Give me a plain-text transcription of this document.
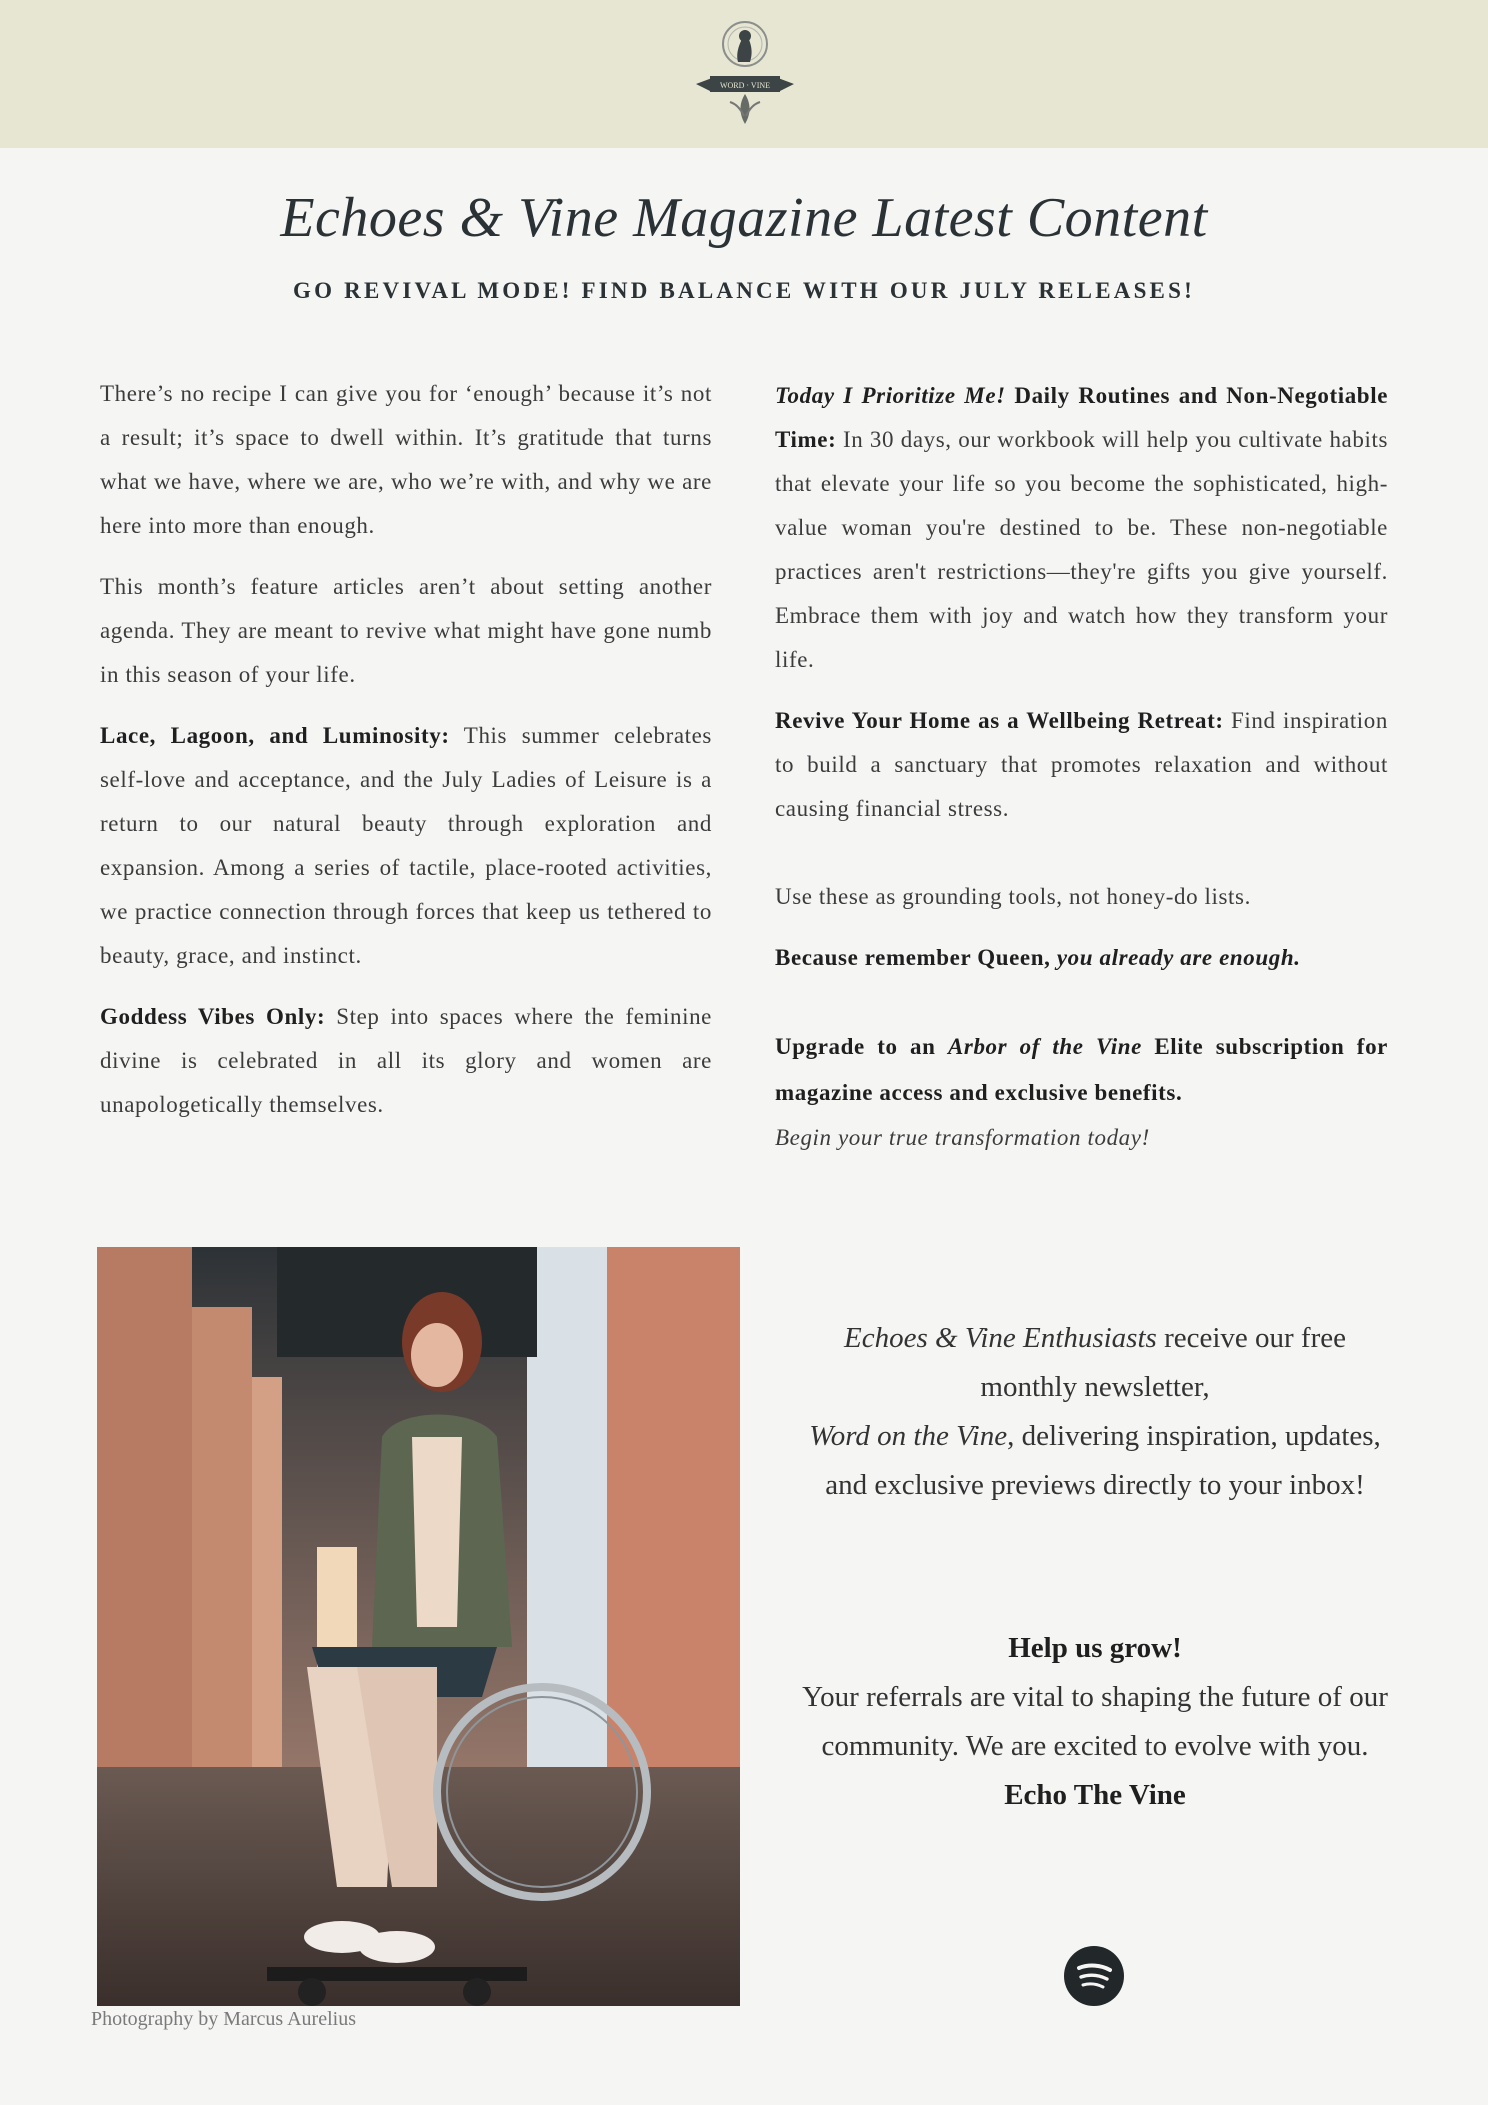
WORD · VINE
Echoes & Vine Magazine Latest Content
GO REVIVAL MODE! FIND BALANCE WITH OUR JULY RELEASES!

There’s no recipe I can give you for ‘enough’ because it’s not a result; it’s space to dwell within. It’s gratitude that turns what we have, where we are, who we’re with, and why we are here into more than enough.

This month’s feature articles aren’t about setting another agenda. They are meant to revive what might have gone numb in this season of your life.

Lace, Lagoon, and Luminosity: This summer celebrates self-love and acceptance, and the July Ladies of Leisure is a return to our natural beauty through exploration and expansion. Among a series of tactile, place-rooted activities, we practice connection through forces that keep us tethered to beauty, grace, and instinct.

Goddess Vibes Only: Step into spaces where the feminine divine is celebrated in all its glory and women are unapologetically themselves.

Today I Prioritize Me! Daily Routines and Non-Negotiable Time: In 30 days, our workbook will help you cultivate habits that elevate your life so you become the sophisticated, high-value woman you're destined to be. These non-negotiable practices aren't restrictions—they're gifts you give yourself. Embrace them with joy and watch how they transform your life.

Revive Your Home as a Wellbeing Retreat: Find inspiration to build a sanctuary that promotes relaxation and without causing financial stress.

Use these as grounding tools, not honey-do lists.

Because remember Queen, you already are enough.

Upgrade to an Arbor of the Vine Elite subscription for magazine access and exclusive benefits.

Begin your true transformation today!

Photography by Marcus Aurelius
Echoes & Vine Enthusiasts receive our free monthly newsletter,
Word on the Vine, delivering inspiration, updates, and exclusive previews directly to your inbox!
Help us grow!
Your referrals are vital to shaping the future of our community. We are excited to evolve with you.
Echo The Vine
